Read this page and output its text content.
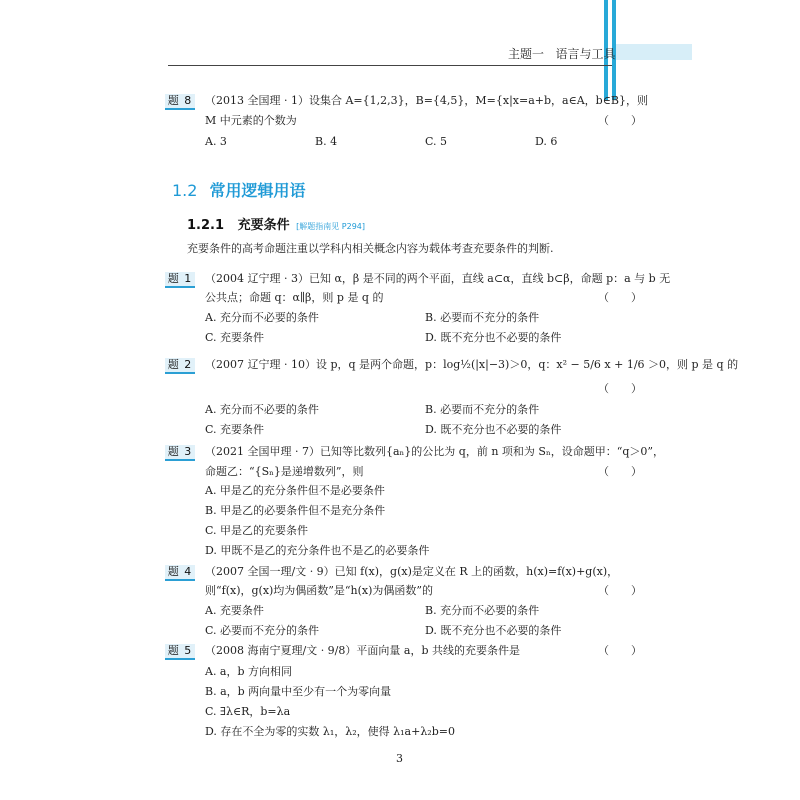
主题一 语言与工具
题 8 （2013 全国理 · 1）设集合 A={1,2,3}，B={4,5}，M={x|x=a+b，a∈A，b∈B}，则
M 中元素的个数为	（　　）
A. 3	B. 4	C. 5	D. 6
1.2 常用逻辑用语
1.2.1 充要条件 [解题指南见 P294]
充要条件的高考命题注重以学科内相关概念内容为载体考查充要条件的判断.
题 1 （2004 辽宁理 · 3）已知 α，β 是不同的两个平面，直线 a⊂α，直线 b⊂β，命题 p：a 与 b 无
公共点；命题 q：α∥β，则 p 是 q 的	（　　）
A. 充分而不必要的条件	B. 必要而不充分的条件
C. 充要条件	D. 既不充分也不必要的条件
题 2 （2007 辽宁理 · 10）设 p，q 是两个命题，p：log½(|x|−3)＞0，q：x² − 5/6 x + 1/6 ＞0，则 p 是 q 的
（　　）
A. 充分而不必要的条件	B. 必要而不充分的条件
C. 充要条件	D. 既不充分也不必要的条件
题 3 （2021 全国甲理 · 7）已知等比数列{aₙ}的公比为 q，前 n 项和为 Sₙ，设命题甲：“q＞0”，
命题乙：“{Sₙ}是递增数列”，则	（　　）
A. 甲是乙的充分条件但不是必要条件
B. 甲是乙的必要条件但不是充分条件
C. 甲是乙的充要条件
D. 甲既不是乙的充分条件也不是乙的必要条件
题 4 （2007 全国一理/文 · 9）已知 f(x)，g(x)是定义在 R 上的函数，h(x)=f(x)+g(x)，
则“f(x)，g(x)均为偶函数”是“h(x)为偶函数”的	（　　）
A. 充要条件	B. 充分而不必要的条件
C. 必要而不充分的条件	D. 既不充分也不必要的条件
题 5 （2008 海南宁夏理/文 · 9/8）平面向量 a，b 共线的充要条件是	（　　）
A. a，b 方向相同
B. a，b 两向量中至少有一个为零向量
C. ∃λ∈R，b=λa
D. 存在不全为零的实数 λ₁，λ₂，使得 λ₁a+λ₂b=0
3
